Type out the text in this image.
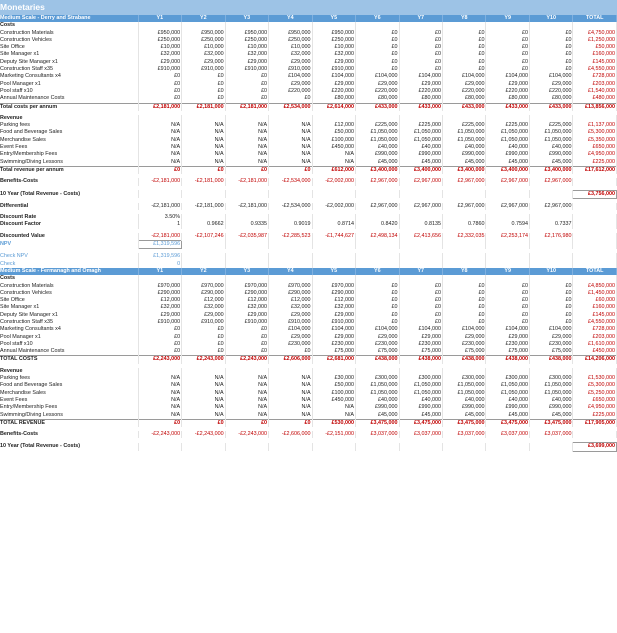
Monetaries
Medium Scale - Derry and Strabane	Y1	Y2	Y3	Y4	Y5	Y6	Y7	Y8	Y9	Y10	TOTAL
Costs											
Construction Materials	£950,000	£950,000	£950,000	£950,000	£950,000	£0	£0	£0	£0	£0	£4,750,000
Construction Vehicles	£250,000	£250,000	£250,000	£250,000	£250,000	£0	£0	£0	£0	£0	£1,250,000
Site Office	£10,000	£10,000	£10,000	£10,000	£10,000	£0	£0	£0	£0	£0	£50,000
Site Manager x1	£32,000	£32,000	£32,000	£32,000	£32,000	£0	£0	£0	£0	£0	£160,000
Deputy Site Manager x1	£29,000	£29,000	£29,000	£29,000	£29,000	£0	£0	£0	£0	£0	£145,000
Construction Staff x35	£910,000	£910,000	£910,000	£910,000	£910,000	£0	£0	£0	£0	£0	£4,550,000
Marketing Consultants x4	£0	£0	£0	£104,000	£104,000	£104,000	£104,000	£104,000	£104,000	£104,000	£728,000
Pool Manager x1	£0	£0	£0	£29,000	£29,000	£29,000	£29,000	£29,000	£29,000	£29,000	£203,000
Pool staff x10	£0	£0	£0	£220,000	£220,000	£220,000	£220,000	£220,000	£220,000	£220,000	£1,540,000
Annual Maintenance Costs	£0	£0	£0	£0	£80,000	£80,000	£80,000	£80,000	£80,000	£80,000	£480,000
Total costs per annum	£2,181,000	£2,181,000	£2,181,000	£2,534,000	£2,614,000	£433,000	£433,000	£433,000	£433,000	£433,000	£13,856,000

Revenue											
Parking fees	N/A	N/A	N/A	N/A	£12,000	£225,000	£225,000	£225,000	£225,000	£225,000	£1,137,000
Food and Beverage Sales	N/A	N/A	N/A	N/A	£50,000	£1,050,000	£1,050,000	£1,050,000	£1,050,000	£1,050,000	£5,300,000
Merchandise Sales	N/A	N/A	N/A	N/A	£100,000	£1,050,000	£1,050,000	£1,050,000	£1,050,000	£1,050,000	£5,350,000
Event Fees	N/A	N/A	N/A	N/A	£450,000	£40,000	£40,000	£40,000	£40,000	£40,000	£650,000
Entry/Membership Fees	N/A	N/A	N/A	N/A	N/A	£990,000	£990,000	£990,000	£990,000	£990,000	£4,950,000
Swimming/Diving Lessons	N/A	N/A	N/A	N/A	N/A	£45,000	£45,000	£45,000	£45,000	£45,000	£225,000
Total revenue per annum	£0	£0	£0	£0	£612,000	£3,400,000	£3,400,000	£3,400,000	£3,400,000	£3,400,000	£17,612,000

Benefits-Costs	-£2,181,000	-£2,181,000	-£2,181,000	-£2,534,000	-£2,002,000	£2,967,000	£2,967,000	£2,967,000	£2,967,000	£2,967,000	

10 Year (Total Revenue - Costs)											£3,756,000

Differential	-£2,181,000	-£2,181,000	-£2,181,000	-£2,534,000	-£2,002,000	£2,967,000	£2,967,000	£2,967,000	£2,967,000	£2,967,000	

Discount Rate	3.50%										
Discount Factor	1	0.9662	0.9335	0.9019	0.8714	0.8420	0.8135	0.7860	0.7594	0.7337	

Discounted Value	-£2,181,000	-£2,107,246	-£2,035,987	-£2,285,523	-£1,744,627	£2,498,134	£2,413,656	£2,332,035	£2,253,174	£2,176,980	
NPV	£1,319,596										

Check NPV	£1,319,596										
Check	0										
Medium Scale - Fermanagh and Omagh	Y1	Y2	Y3	Y4	Y5	Y6	Y7	Y8	Y9	Y10	TOTAL
Costs											
Construction Materials	£970,000	£970,000	£970,000	£970,000	£970,000	£0	£0	£0	£0	£0	£4,850,000
Construction Vehicles	£290,000	£290,000	£290,000	£290,000	£290,000	£0	£0	£0	£0	£0	£1,450,000
Site Office	£12,000	£12,000	£12,000	£12,000	£12,000	£0	£0	£0	£0	£0	£60,000
Site Manager x1	£32,000	£32,000	£32,000	£32,000	£32,000	£0	£0	£0	£0	£0	£160,000
Deputy Site Manager x1	£29,000	£29,000	£29,000	£29,000	£29,000	£0	£0	£0	£0	£0	£145,000
Construction Staff x35	£910,000	£910,000	£910,000	£910,000	£910,000	£0	£0	£0	£0	£0	£4,550,000
Marketing Consultants x4	£0	£0	£0	£104,000	£104,000	£104,000	£104,000	£104,000	£104,000	£104,000	£728,000
Pool Manager x1	£0	£0	£0	£29,000	£29,000	£29,000	£29,000	£29,000	£29,000	£29,000	£203,000
Pool staff x10	£0	£0	£0	£230,000	£230,000	£230,000	£230,000	£230,000	£230,000	£230,000	£1,610,000
Annual Maintenance Costs	£0	£0	£0	£0	£75,000	£75,000	£75,000	£75,000	£75,000	£75,000	£450,000
TOTAL COSTS	£2,243,000	£2,243,000	£2,243,000	£2,606,000	£2,681,000	£438,000	£438,000	£438,000	£438,000	£438,000	£14,206,000

Revenue											
Parking fees	N/A	N/A	N/A	N/A	£30,000	£300,000	£300,000	£300,000	£300,000	£300,000	£1,530,000
Food and Beverage Sales	N/A	N/A	N/A	N/A	£50,000	£1,050,000	£1,050,000	£1,050,000	£1,050,000	£1,050,000	£5,300,000
Merchandise Sales	N/A	N/A	N/A	N/A	£100,000	£1,050,000	£1,050,000	£1,050,000	£1,050,000	£1,050,000	£5,250,000
Event Fees	N/A	N/A	N/A	N/A	£450,000	£40,000	£40,000	£40,000	£40,000	£40,000	£650,000
Entry/Membership Fees	N/A	N/A	N/A	N/A	N/A	£990,000	£990,000	£990,000	£990,000	£990,000	£4,950,000
Swimming/Diving Lessons	N/A	N/A	N/A	N/A	N/A	£45,000	£45,000	£45,000	£45,000	£45,000	£225,000
TOTAL REVENUE	£0	£0	£0	£0	£530,000	£3,475,000	£3,475,000	£3,475,000	£3,475,000	£3,475,000	£17,905,000

Benefits-Costs	-£2,243,000	-£2,243,000	-£2,243,000	-£2,606,000	-£2,151,000	£3,037,000	£3,037,000	£3,037,000	£3,037,000	£3,037,000	

10 Year (Total Revenue - Costs)											£3,699,000
